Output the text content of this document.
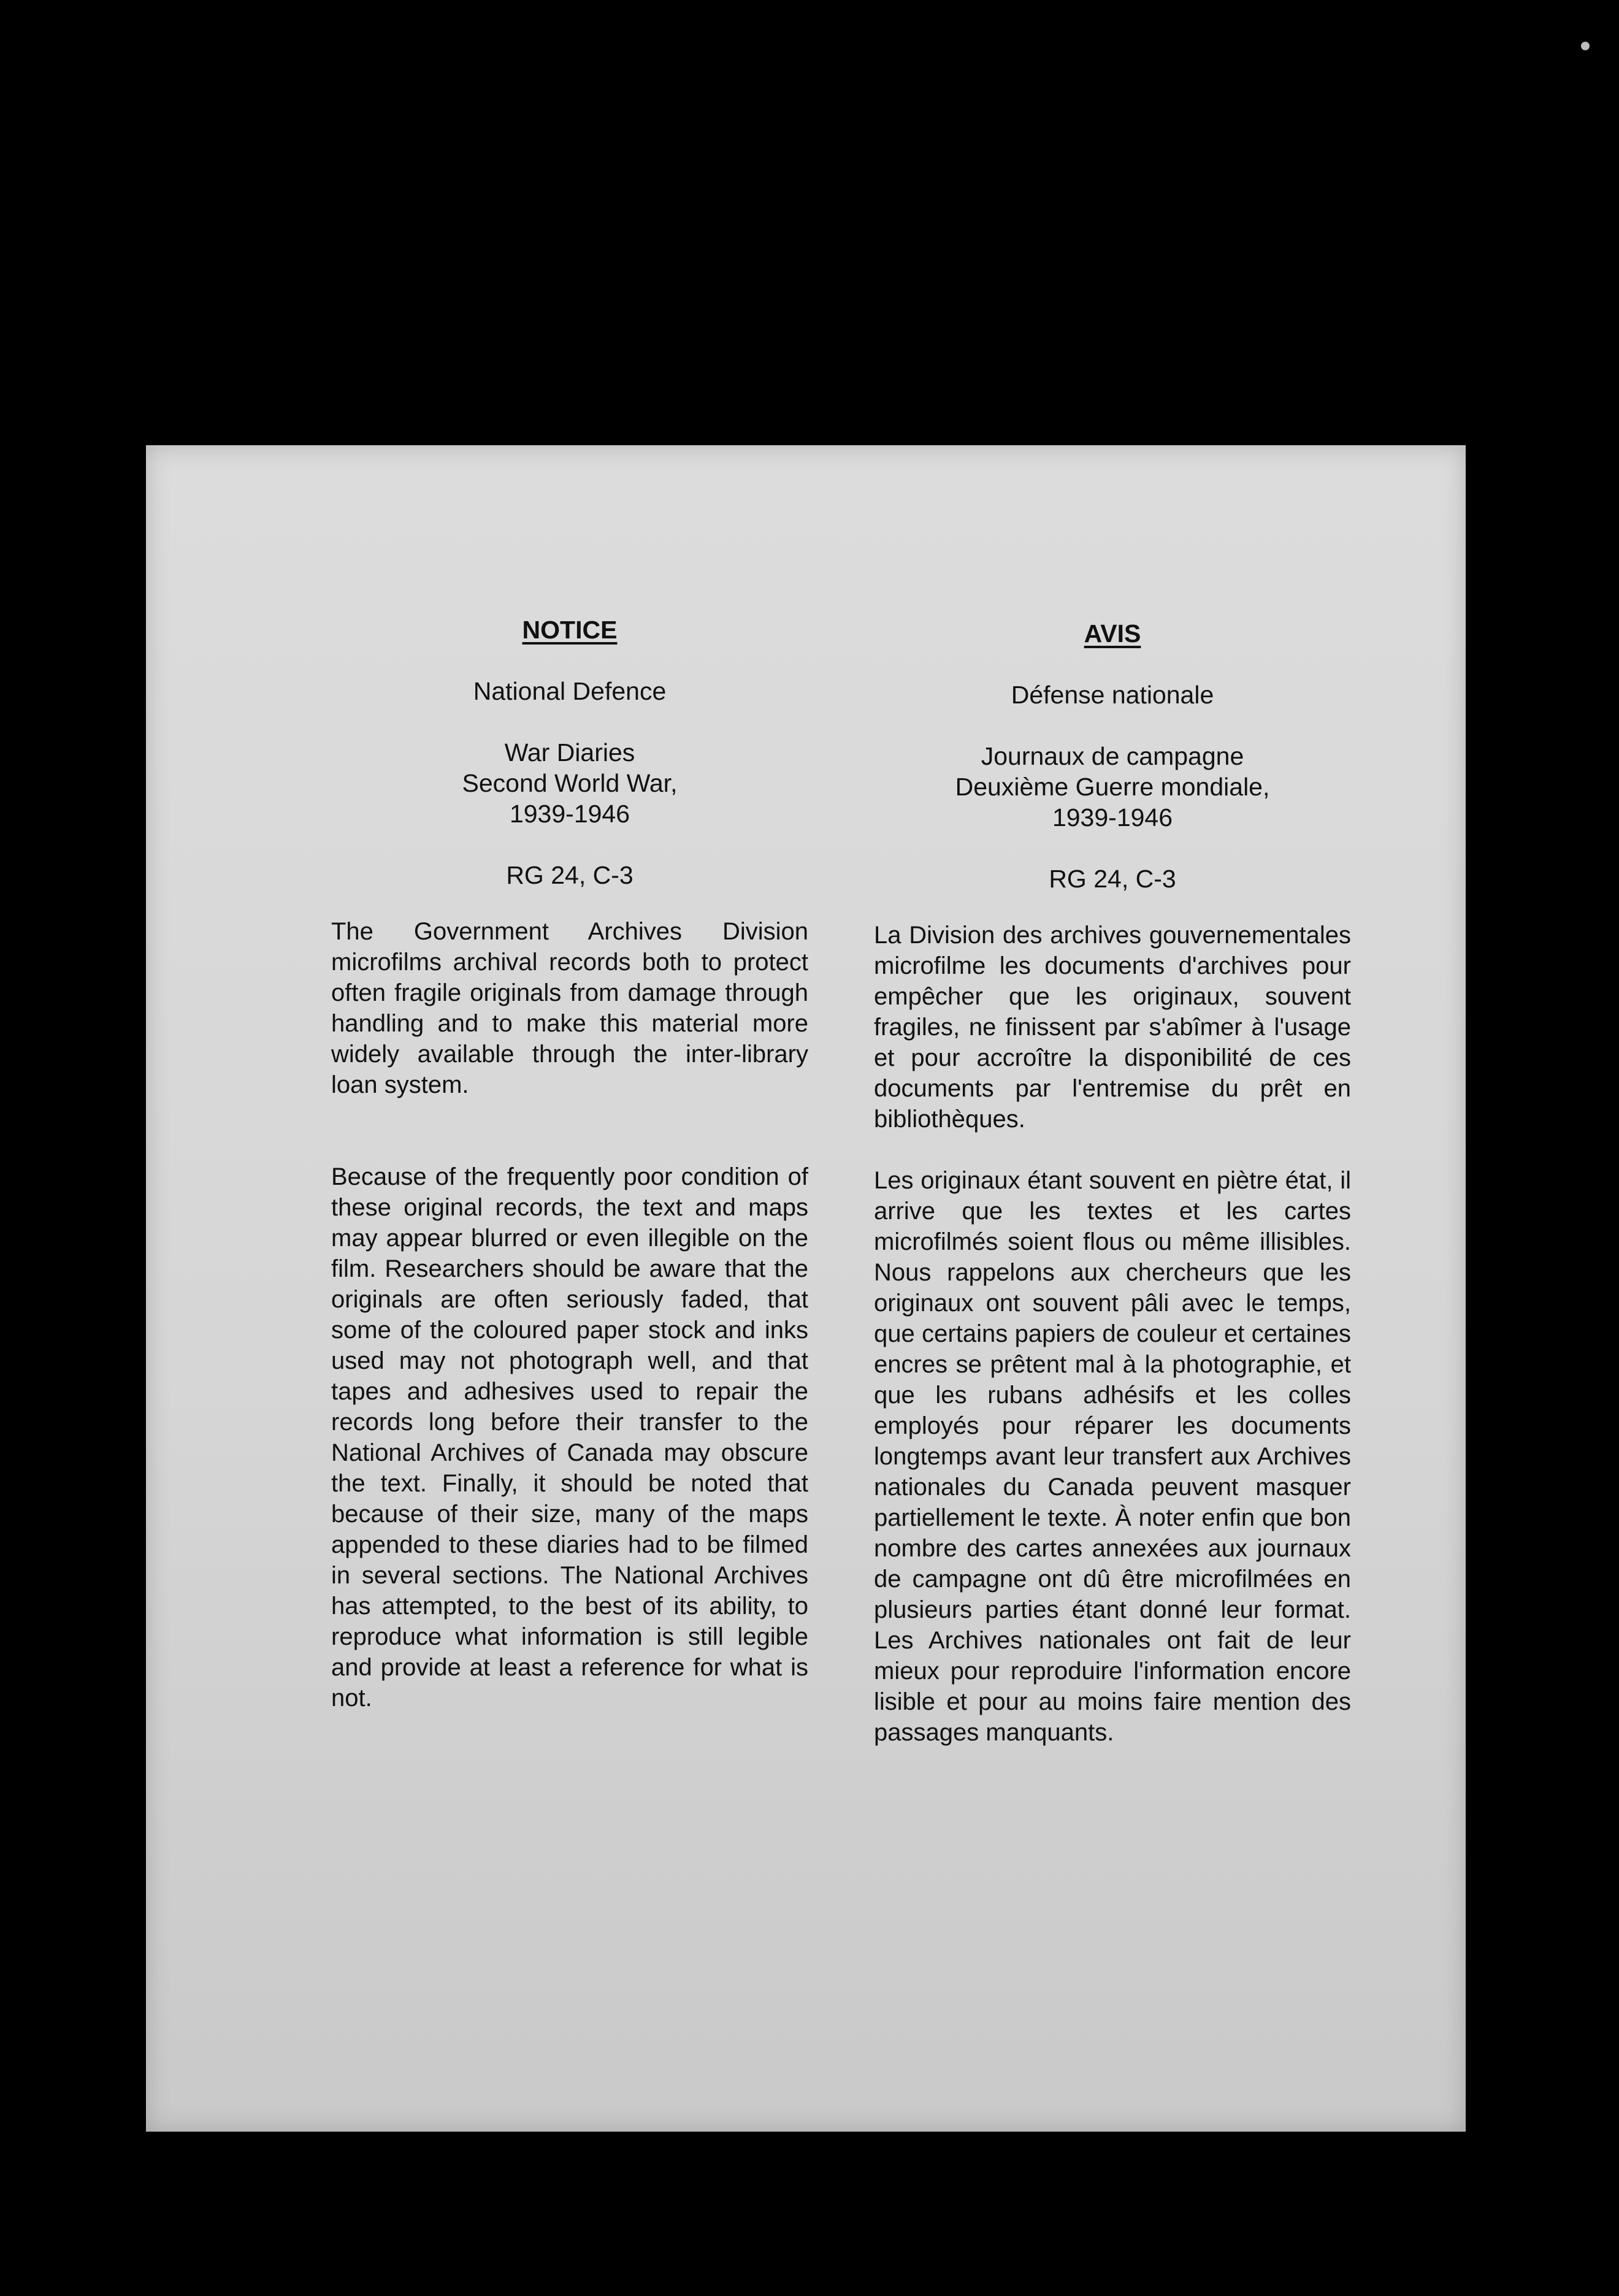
NOTICE
National Defence
War Diaries
Second World War,
1939-1946
RG 24, C-3

The Government Archives Division microfilms archival records both to protect often fragile originals from damage through handling and to make this material more widely available through the inter-library loan system.

Because of the frequently poor condition of these original records, the text and maps may appear blurred or even illegible on the film. Researchers should be aware that the originals are often seriously faded, that some of the coloured paper stock and inks used may not photograph well, and that tapes and adhesives used to repair the records long before their transfer to the National Archives of Canada may obscure the text. Finally, it should be noted that because of their size, many of the maps appended to these diaries had to be filmed in several sections. The National Archives has attempted, to the best of its ability, to reproduce what information is still legible and provide at least a reference for what is not.

AVIS
Défense nationale
Journaux de campagne
Deuxième Guerre mondiale,
1939-1946
RG 24, C-3

La Division des archives gouvernementales microfilme les documents d'archives pour empêcher que les originaux, souvent fragiles, ne finissent par s'abîmer à l'usage et pour accroître la disponibilité de ces documents par l'entremise du prêt en bibliothèques.

Les originaux étant souvent en piètre état, il arrive que les textes et les cartes microfilmés soient flous ou même illisibles. Nous rappelons aux chercheurs que les originaux ont souvent pâli avec le temps, que certains papiers de couleur et certaines encres se prêtent mal à la photographie, et que les rubans adhésifs et les colles employés pour réparer les documents longtemps avant leur transfert aux Archives nationales du Canada peuvent masquer partiellement le texte. À noter enfin que bon nombre des cartes annexées aux journaux de campagne ont dû être microfilmées en plusieurs parties étant donné leur format. Les Archives nationales ont fait de leur mieux pour reproduire l'information encore lisible et pour au moins faire mention des passages manquants.
